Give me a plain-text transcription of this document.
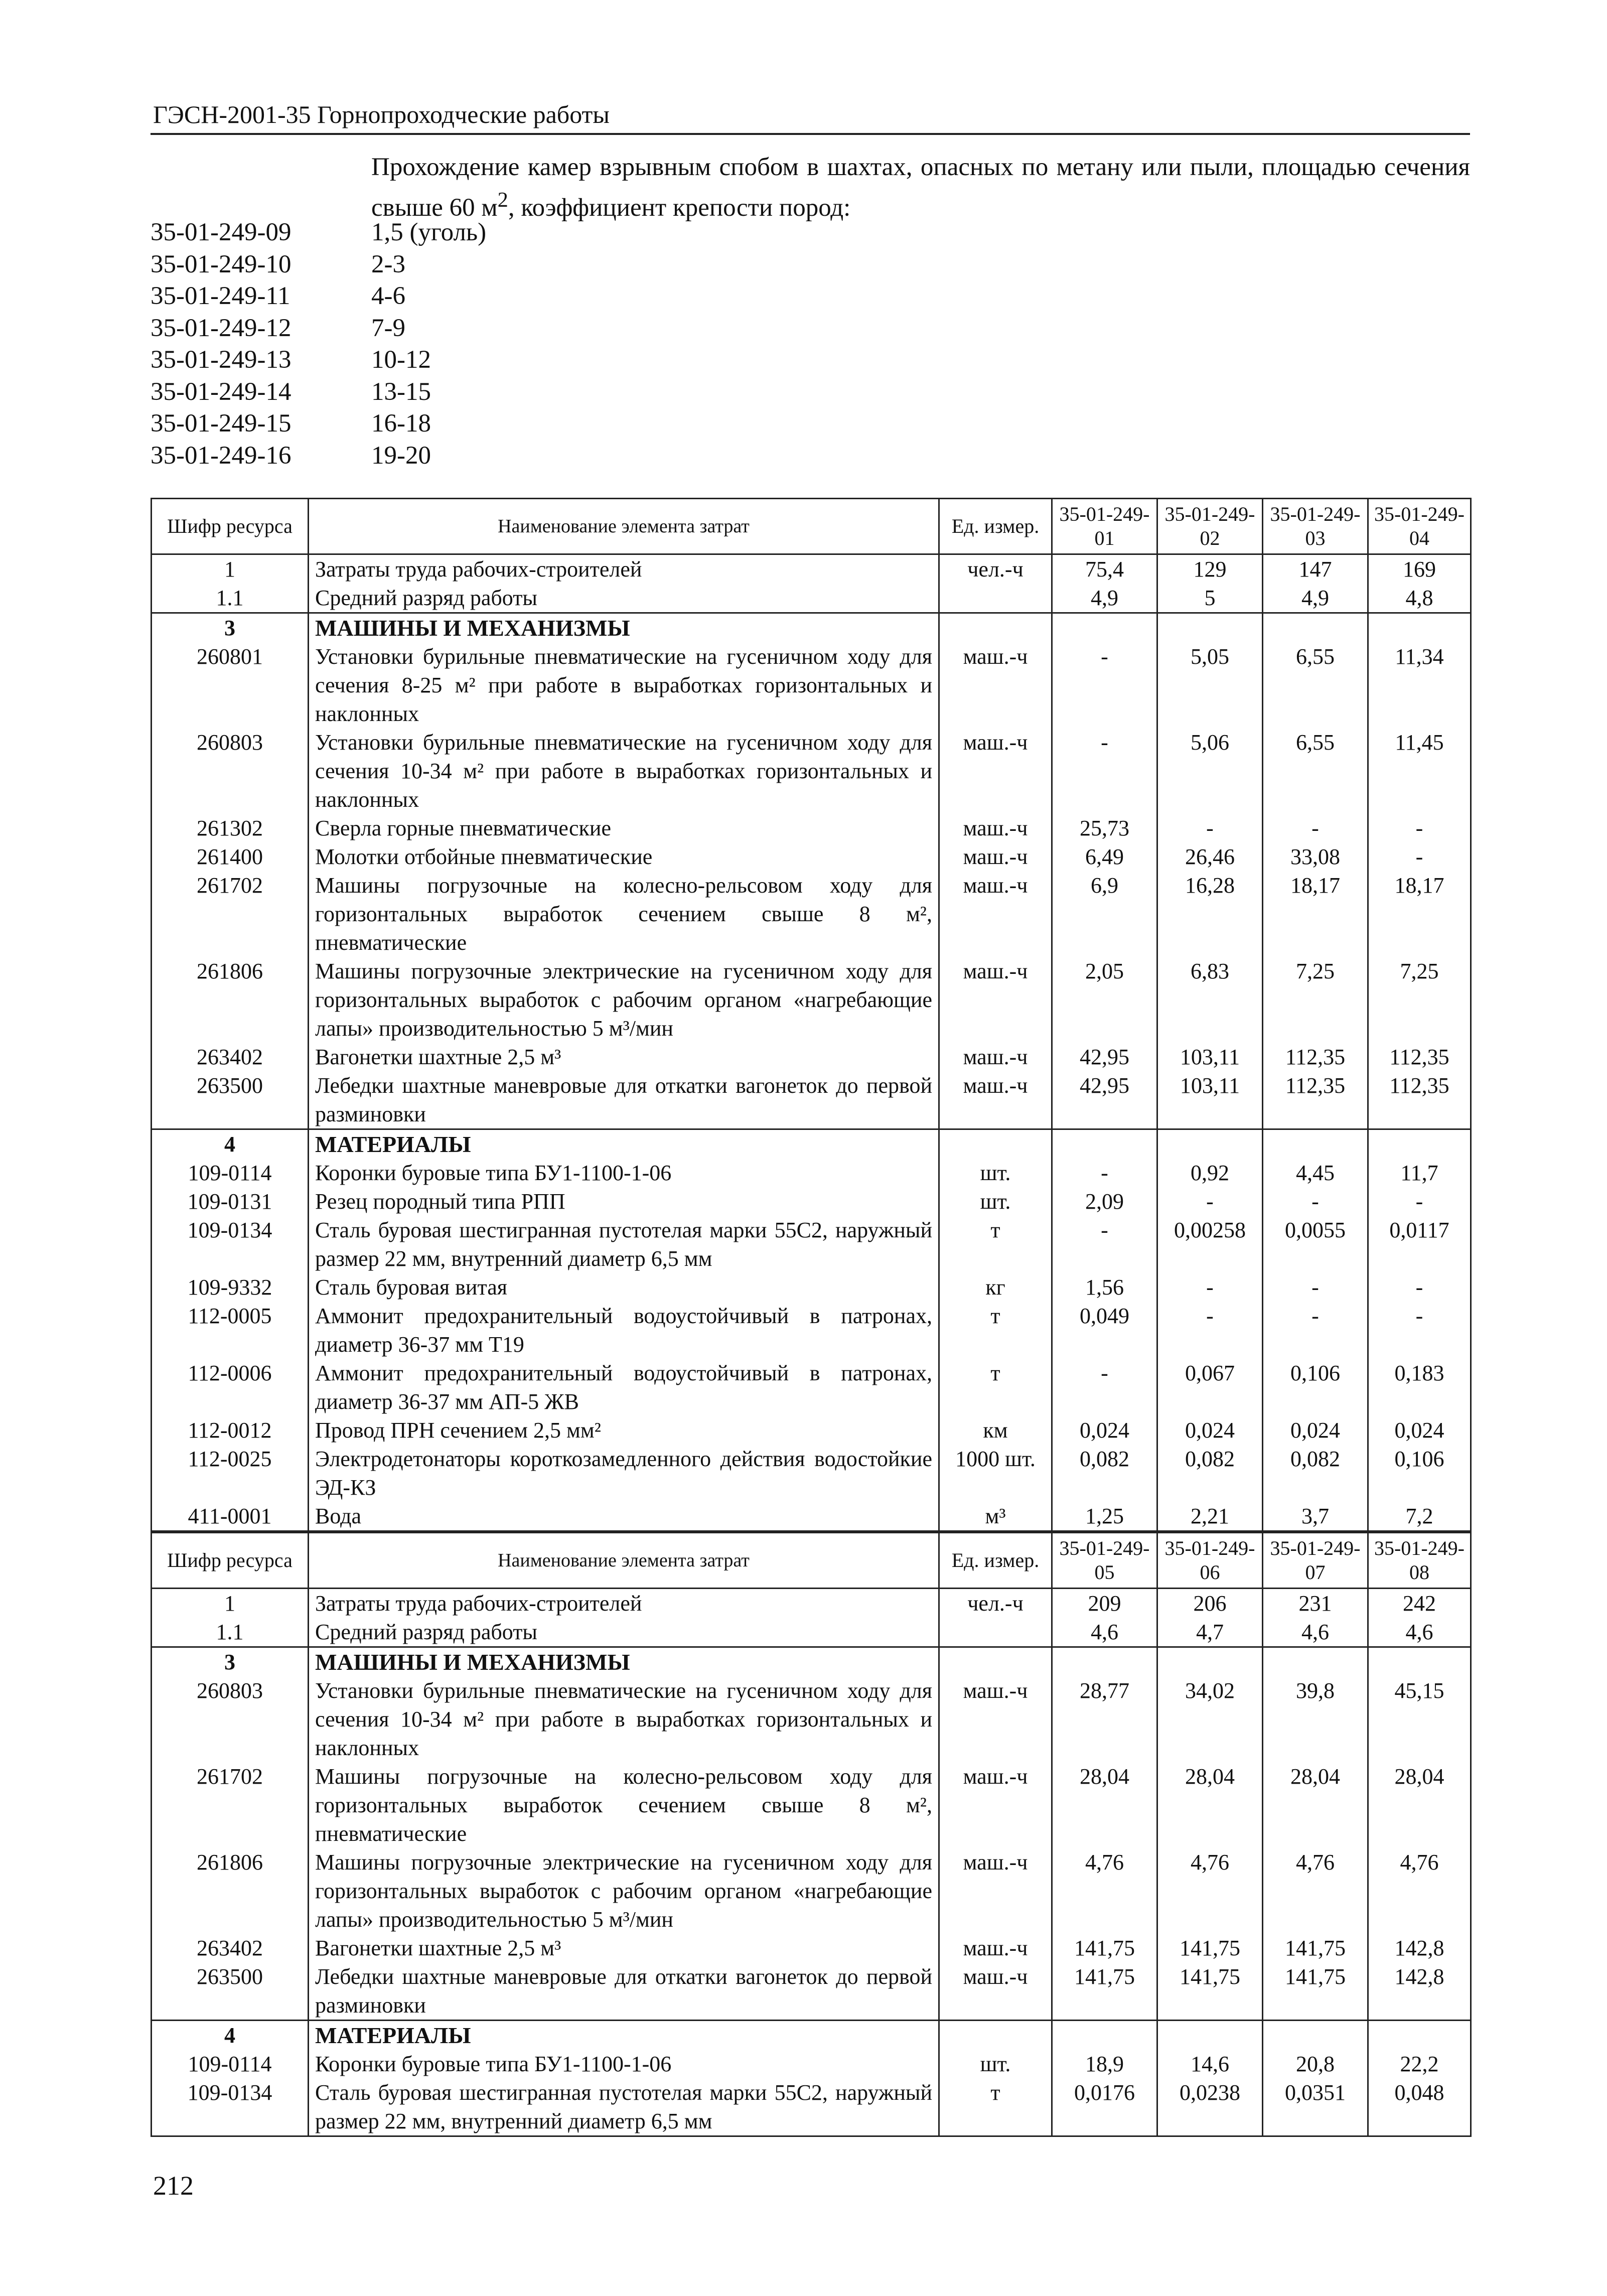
ГЭСН-2001-35 Горнопроходческие работы
Прохождение камер взрывным спобом в шахтах, опасных по метану или пыли, площадью сечения свыше 60 $м^2$, коэффициент крепости пород:
35-01-249-09	1,5 (уголь)
35-01-249-10	2-3
35-01-249-11	4-6
35-01-249-12	7-9
35-01-249-13	10-12
35-01-249-14	13-15
35-01-249-15	16-18
35-01-249-16	19-20
Шифр ресурса	Наименование элемента затрат	Ед. измер.	35-01-249-01	35-01-249-02	35-01-249-03	35-01-249-04
1	Затраты труда рабочих-строителей	чел.-ч	75,4	129	147	169
1.1	Средний разряд работы		4,9	5	4,9	4,8
3	МАШИНЫ И МЕХАНИЗМЫ					
260801	Установки бурильные пневматические на гусеничном ходу для сечения 8-25 м² при работе в выработках горизонтальных и наклонных	маш.-ч	-	5,05	6,55	11,34
260803	Установки бурильные пневматические на гусеничном ходу для сечения 10-34 м² при работе в выработках горизонтальных и наклонных	маш.-ч	-	5,06	6,55	11,45
261302	Сверла горные пневматические	маш.-ч	25,73	-	-	-
261400	Молотки отбойные пневматические	маш.-ч	6,49	26,46	33,08	-
261702	Машины погрузочные на колесно-рельсовом ходу для горизонтальных выработок сечением свыше 8 м², пневматические	маш.-ч	6,9	16,28	18,17	18,17
261806	Машины погрузочные электрические на гусеничном ходу для горизонтальных выработок с рабочим органом «нагребающие лапы» производительностью 5 м³/мин	маш.-ч	2,05	6,83	7,25	7,25
263402	Вагонетки шахтные 2,5 м³	маш.-ч	42,95	103,11	112,35	112,35
263500	Лебедки шахтные маневровые для откатки вагонеток до первой разминовки	маш.-ч	42,95	103,11	112,35	112,35
4	МАТЕРИАЛЫ					
109-0114	Коронки буровые типа БУ1-1100-1-06	шт.	-	0,92	4,45	11,7
109-0131	Резец породный типа РПП	шт.	2,09	-	-	-
109-0134	Сталь буровая шестигранная пустотелая марки 55С2, наружный размер 22 мм, внутренний диаметр 6,5 мм	т	-	0,00258	0,0055	0,0117
109-9332	Сталь буровая витая	кг	1,56	-	-	-
112-0005	Аммонит предохранительный водоустойчивый в патронах, диаметр 36-37 мм Т19	т	0,049	-	-	-
112-0006	Аммонит предохранительный водоустойчивый в патронах, диаметр 36-37 мм АП-5 ЖВ	т	-	0,067	0,106	0,183
112-0012	Провод ПРН сечением 2,5 мм²	км	0,024	0,024	0,024	0,024
112-0025	Электродетонаторы короткозамедленного действия водостойкие ЭД-КЗ	1000 шт.	0,082	0,082	0,082	0,106
411-0001	Вода	м³	1,25	2,21	3,7	7,2
Шифр ресурса	Наименование элемента затрат	Ед. измер.	35-01-249-05	35-01-249-06	35-01-249-07	35-01-249-08
1	Затраты труда рабочих-строителей	чел.-ч	209	206	231	242
1.1	Средний разряд работы		4,6	4,7	4,6	4,6
3	МАШИНЫ И МЕХАНИЗМЫ					
260803	Установки бурильные пневматические на гусеничном ходу для сечения 10-34 м² при работе в выработках горизонтальных и наклонных	маш.-ч	28,77	34,02	39,8	45,15
261702	Машины погрузочные на колесно-рельсовом ходу для горизонтальных выработок сечением свыше 8 м², пневматические	маш.-ч	28,04	28,04	28,04	28,04
261806	Машины погрузочные электрические на гусеничном ходу для горизонтальных выработок с рабочим органом «нагребающие лапы» производительностью 5 м³/мин	маш.-ч	4,76	4,76	4,76	4,76
263402	Вагонетки шахтные 2,5 м³	маш.-ч	141,75	141,75	141,75	142,8
263500	Лебедки шахтные маневровые для откатки вагонеток до первой разминовки	маш.-ч	141,75	141,75	141,75	142,8
4	МАТЕРИАЛЫ					
109-0114	Коронки буровые типа БУ1-1100-1-06	шт.	18,9	14,6	20,8	22,2
109-0134	Сталь буровая шестигранная пустотелая марки 55С2, наружный размер 22 мм, внутренний диаметр 6,5 мм	т	0,0176	0,0238	0,0351	0,048
212
